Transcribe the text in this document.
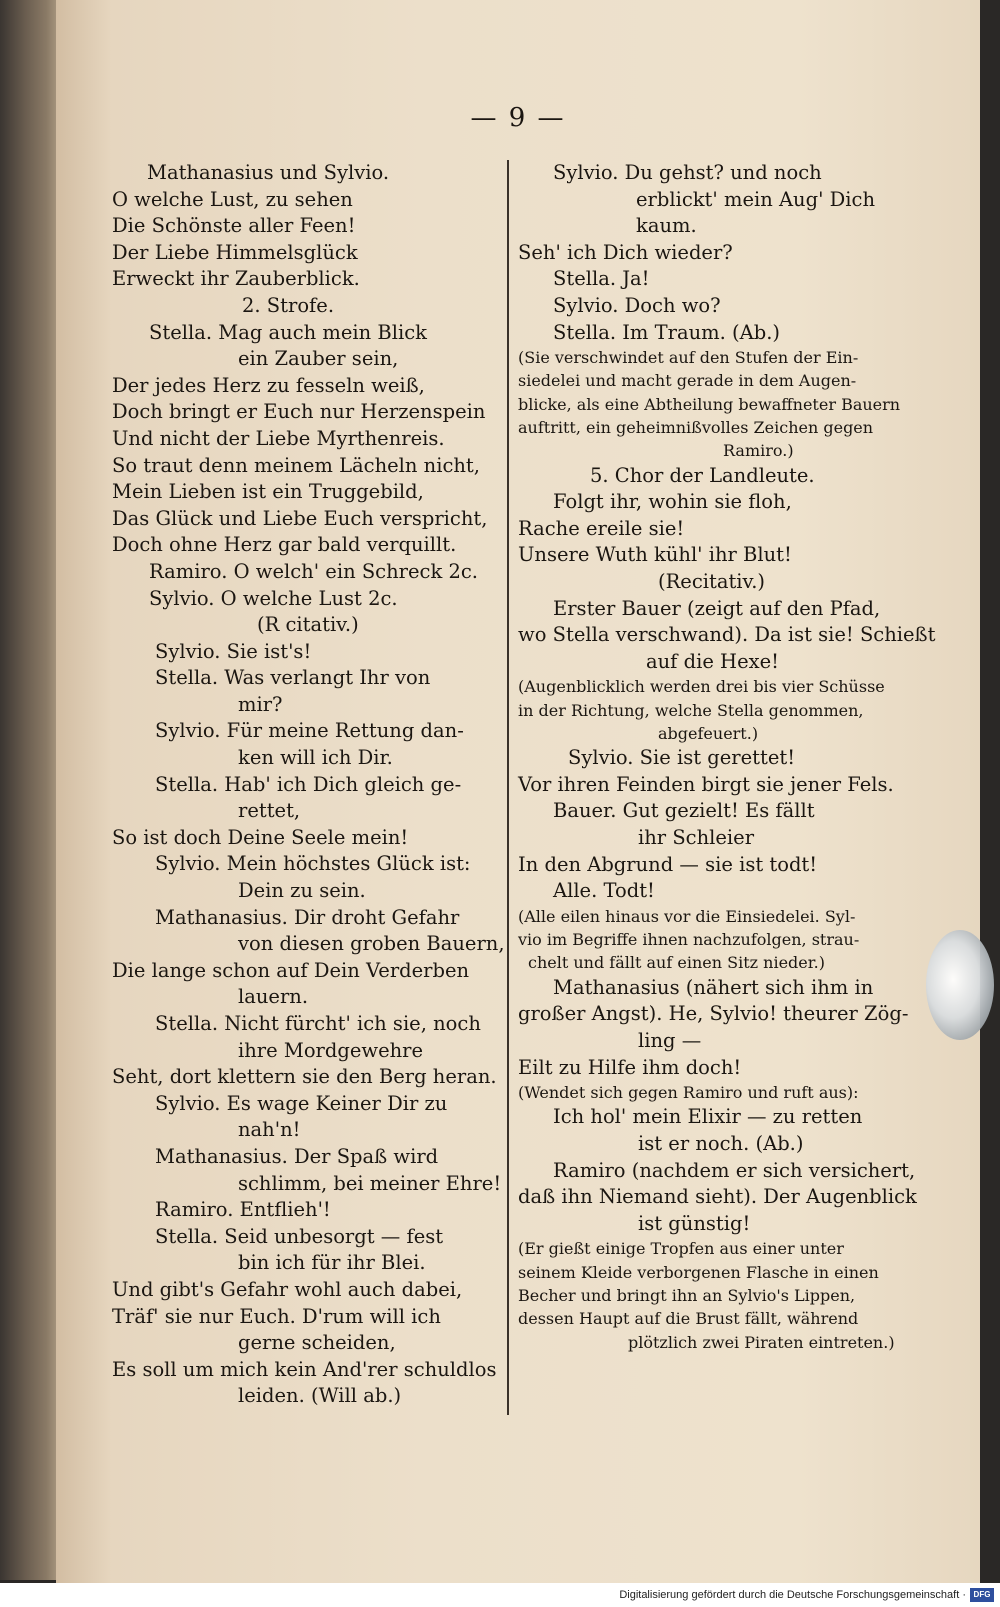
— 9 —
Mathanasius und Sylvio.
O welche Lust, zu sehen
Die Schönste aller Feen!
Der Liebe Himmelsglück
Erweckt ihr Zauberblick.
2. Strofe.
Stella. Mag auch mein Blick
ein Zauber sein,
Der jedes Herz zu fesseln weiß,
Doch bringt er Euch nur Herzenspein
Und nicht der Liebe Myrthenreis.
So traut denn meinem Lächeln nicht,
Mein Lieben ist ein Truggebild,
Das Glück und Liebe Euch verspricht,
Doch ohne Herz gar bald verquillt.
Ramiro. O welch' ein Schreck 2c.
Sylvio. O welche Lust 2c.
(R citativ.)
Sylvio. Sie ist's!
Stella. Was verlangt Ihr von
mir?
Sylvio. Für meine Rettung dan-
ken will ich Dir.
Stella. Hab' ich Dich gleich ge-
rettet,
So ist doch Deine Seele mein!
Sylvio. Mein höchstes Glück ist:
Dein zu sein.
Mathanasius. Dir droht Gefahr
von diesen groben Bauern,
Die lange schon auf Dein Verderben
lauern.
Stella. Nicht fürcht' ich sie, noch
ihre Mordgewehre
Seht, dort klettern sie den Berg heran.
Sylvio. Es wage Keiner Dir zu
nah'n!
Mathanasius. Der Spaß wird
schlimm, bei meiner Ehre!
Ramiro. Entflieh'!
Stella. Seid unbesorgt — fest
bin ich für ihr Blei.
Und gibt's Gefahr wohl auch dabei,
Träf' sie nur Euch. D'rum will ich
gerne scheiden,
Es soll um mich kein And'rer schuldlos
leiden. (Will ab.)
Sylvio. Du gehst? und noch
erblickt' mein Aug' Dich
kaum.
Seh' ich Dich wieder?
Stella. Ja!
Sylvio. Doch wo?
Stella. Im Traum. (Ab.)
(Sie verschwindet auf den Stufen der Ein-
siedelei und macht gerade in dem Augen-
blicke, als eine Abtheilung bewaffneter Bauern
auftritt, ein geheimnißvolles Zeichen gegen
Ramiro.)
5. Chor der Landleute.
Folgt ihr, wohin sie floh,
Rache ereile sie!
Unsere Wuth kühl' ihr Blut!
(Recitativ.)
Erster Bauer (zeigt auf den Pfad,
wo Stella verschwand). Da ist sie! Schießt
auf die Hexe!
(Augenblicklich werden drei bis vier Schüsse
in der Richtung, welche Stella genommen,
abgefeuert.)
Sylvio. Sie ist gerettet!
Vor ihren Feinden birgt sie jener Fels.
Bauer. Gut gezielt! Es fällt
ihr Schleier
In den Abgrund — sie ist todt!
Alle. Todt!
(Alle eilen hinaus vor die Einsiedelei. Syl-
vio im Begriffe ihnen nachzufolgen, strau-
chelt und fällt auf einen Sitz nieder.)
Mathanasius (nähert sich ihm in
großer Angst). He, Sylvio! theurer Zög-
ling —
Eilt zu Hilfe ihm doch!
(Wendet sich gegen Ramiro und ruft aus):
Ich hol' mein Elixir — zu retten
ist er noch. (Ab.)
Ramiro (nachdem er sich versichert,
daß ihn Niemand sieht). Der Augenblick
ist günstig!
(Er gießt einige Tropfen aus einer unter
seinem Kleide verborgenen Flasche in einen
Becher und bringt ihn an Sylvio's Lippen,
dessen Haupt auf die Brust fällt, während
plötzlich zwei Piraten eintreten.)
Digitalisierung gefördert durch die Deutsche Forschungsgemeinschaft · DFG
